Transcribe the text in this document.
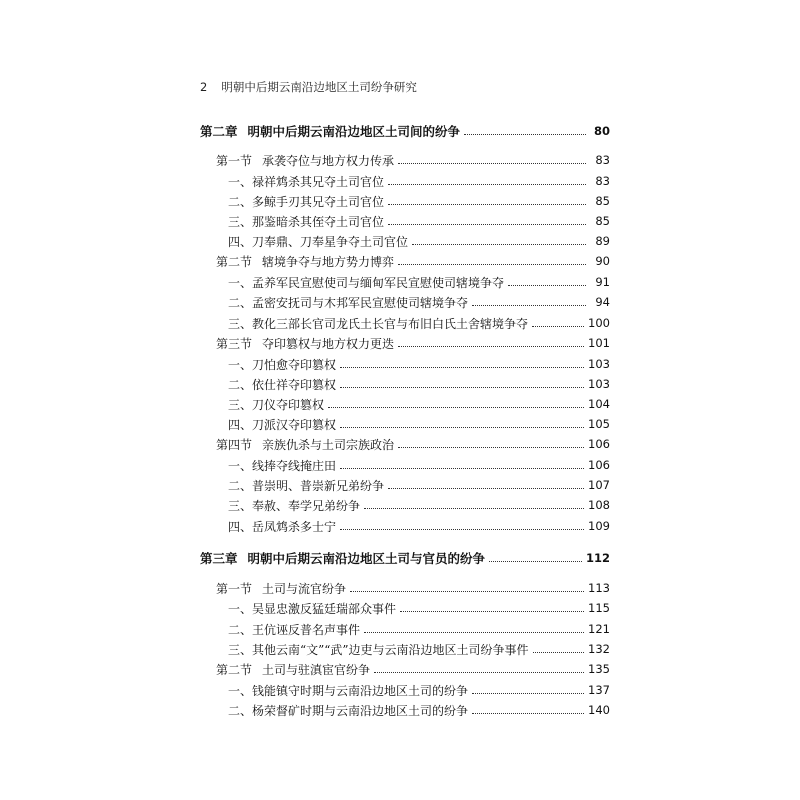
2 明朝中后期云南沿边地区土司纷争研究
第二章 明朝中后期云南沿边地区土司间的纷争	80
第一节 承袭夺位与地方权力传承	83
一、禄祥鸩杀其兄夺土司官位	83
二、多鲸手刃其兄夺土司官位	85
三、那鉴暗杀其侄夺土司官位	85
四、刀奉鼎、刀奉星争夺土司官位	89
第二节 辖境争夺与地方势力博弈	90
一、孟养军民宣慰使司与缅甸军民宣慰使司辖境争夺	91
二、孟密安抚司与木邦军民宣慰使司辖境争夺	94
三、教化三部长官司龙氏土长官与布旧白氏土舍辖境争夺	100
第三节 夺印篡权与地方权力更迭	101
一、刀怕愈夺印篡权	103
二、依仕祥夺印篡权	103
三、刀仪夺印篡权	104
四、刀派汉夺印篡权	105
第四节 亲族仇杀与土司宗族政治	106
一、线捧夺线掩庄田	106
二、普崇明、普崇新兄弟纷争	107
三、奉赦、奉学兄弟纷争	108
四、岳凤鸩杀多士宁	109
第三章 明朝中后期云南沿边地区土司与官员的纷争	112
第一节 土司与流官纷争	113
一、吴显忠激反猛廷瑞部众事件	115
二、王伉诬反普名声事件	121
三、其他云南“文”“武”边吏与云南沿边地区土司纷争事件	132
第二节 土司与驻滇宦官纷争	135
一、钱能镇守时期与云南沿边地区土司的纷争	137
二、杨荣督矿时期与云南沿边地区土司的纷争	140
